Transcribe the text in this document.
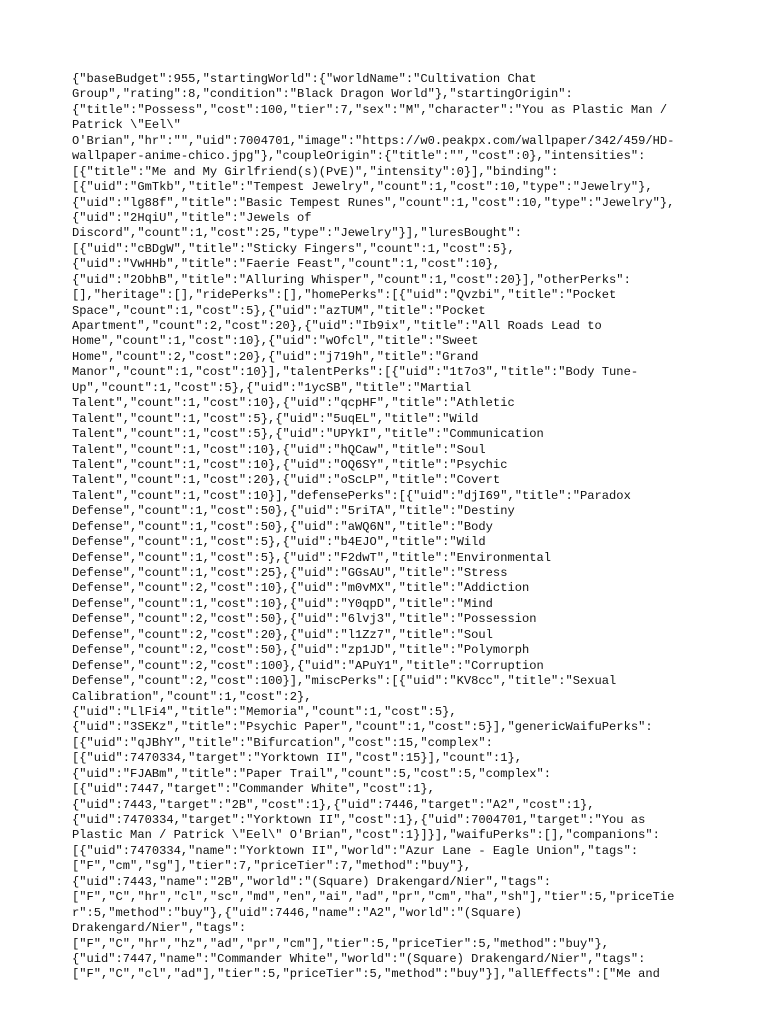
{"baseBudget":955,"startingWorld":{"worldName":"Cultivation Chat
Group","rating":8,"condition":"Black Dragon World"},"startingOrigin":
{"title":"Possess","cost":100,"tier":7,"sex":"M","character":"You as Plastic Man /
Patrick \"Eel\"
O'Brian","hr":"","uid":7004701,"image":"https://w0.peakpx.com/wallpaper/342/459/HD-
wallpaper-anime-chico.jpg"},"coupleOrigin":{"title":"","cost":0},"intensities":
[{"title":"Me and My Girlfriend(s)(PvE)","intensity":0}],"binding":
[{"uid":"GmTkb","title":"Tempest Jewelry","count":1,"cost":10,"type":"Jewelry"},
{"uid":"lg88f","title":"Basic Tempest Runes","count":1,"cost":10,"type":"Jewelry"},
{"uid":"2HqiU","title":"Jewels of
Discord","count":1,"cost":25,"type":"Jewelry"}],"luresBought":
[{"uid":"cBDgW","title":"Sticky Fingers","count":1,"cost":5},
{"uid":"VwHHb","title":"Faerie Feast","count":1,"cost":10},
{"uid":"2ObhB","title":"Alluring Whisper","count":1,"cost":20}],"otherPerks":
[],"heritage":[],"ridePerks":[],"homePerks":[{"uid":"Qvzbi","title":"Pocket
Space","count":1,"cost":5},{"uid":"azTUM","title":"Pocket
Apartment","count":2,"cost":20},{"uid":"Ib9ix","title":"All Roads Lead to
Home","count":1,"cost":10},{"uid":"wOfcl","title":"Sweet
Home","count":2,"cost":20},{"uid":"j719h","title":"Grand
Manor","count":1,"cost":10}],"talentPerks":[{"uid":"1t7o3","title":"Body Tune-
Up","count":1,"cost":5},{"uid":"1ycSB","title":"Martial
Talent","count":1,"cost":10},{"uid":"qcpHF","title":"Athletic
Talent","count":1,"cost":5},{"uid":"5uqEL","title":"Wild
Talent","count":1,"cost":5},{"uid":"UPYkI","title":"Communication
Talent","count":1,"cost":10},{"uid":"hQCaw","title":"Soul
Talent","count":1,"cost":10},{"uid":"OQ6SY","title":"Psychic
Talent","count":1,"cost":20},{"uid":"oScLP","title":"Covert
Talent","count":1,"cost":10}],"defensePerks":[{"uid":"djI69","title":"Paradox
Defense","count":1,"cost":50},{"uid":"5riTA","title":"Destiny
Defense","count":1,"cost":50},{"uid":"aWQ6N","title":"Body
Defense","count":1,"cost":5},{"uid":"b4EJO","title":"Wild
Defense","count":1,"cost":5},{"uid":"F2dwT","title":"Environmental
Defense","count":1,"cost":25},{"uid":"GGsAU","title":"Stress
Defense","count":2,"cost":10},{"uid":"m0vMX","title":"Addiction
Defense","count":1,"cost":10},{"uid":"Y0qpD","title":"Mind
Defense","count":2,"cost":50},{"uid":"6lvj3","title":"Possession
Defense","count":2,"cost":20},{"uid":"l1Zz7","title":"Soul
Defense","count":2,"cost":50},{"uid":"zp1JD","title":"Polymorph
Defense","count":2,"cost":100},{"uid":"APuY1","title":"Corruption
Defense","count":2,"cost":100}],"miscPerks":[{"uid":"KV8cc","title":"Sexual
Calibration","count":1,"cost":2},
{"uid":"LlFi4","title":"Memoria","count":1,"cost":5},
{"uid":"3SEKz","title":"Psychic Paper","count":1,"cost":5}],"genericWaifuPerks":
[{"uid":"qJBhY","title":"Bifurcation","cost":15,"complex":
[{"uid":7470334,"target":"Yorktown II","cost":15}],"count":1},
{"uid":"FJABm","title":"Paper Trail","count":5,"cost":5,"complex":
[{"uid":7447,"target":"Commander White","cost":1},
{"uid":7443,"target":"2B","cost":1},{"uid":7446,"target":"A2","cost":1},
{"uid":7470334,"target":"Yorktown II","cost":1},{"uid":7004701,"target":"You as
Plastic Man / Patrick \"Eel\" O'Brian","cost":1}]}],"waifuPerks":[],"companions":
[{"uid":7470334,"name":"Yorktown II","world":"Azur Lane - Eagle Union","tags":
["F","cm","sg"],"tier":7,"priceTier":7,"method":"buy"},
{"uid":7443,"name":"2B","world":"(Square) Drakengard/Nier","tags":
["F","C","hr","cl","sc","md","en","ai","ad","pr","cm","ha","sh"],"tier":5,"priceTie
r":5,"method":"buy"},{"uid":7446,"name":"A2","world":"(Square)
Drakengard/Nier","tags":
["F","C","hr","hz","ad","pr","cm"],"tier":5,"priceTier":5,"method":"buy"},
{"uid":7447,"name":"Commander White","world":"(Square) Drakengard/Nier","tags":
["F","C","cl","ad"],"tier":5,"priceTier":5,"method":"buy"}],"allEffects":["Me and
